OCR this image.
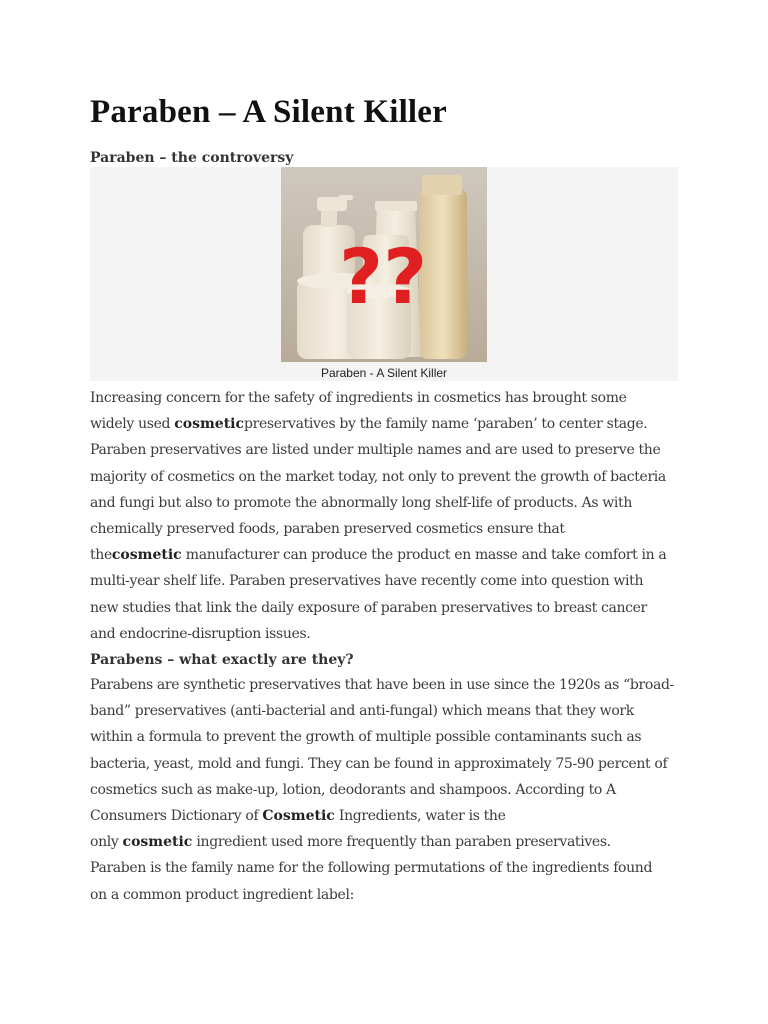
Paraben – A Silent Killer
Paraben – the controversy
??
Paraben - A Silent Killer

Increasing concern for the safety of ingredients in cosmetics has brought some
widely used cosmeticpreservatives by the family name ‘paraben’ to center stage.
Paraben preservatives are listed under multiple names and are used to preserve the
majority of cosmetics on the market today, not only to prevent the growth of bacteria
and fungi but also to promote the abnormally long shelf-life of products. As with
chemically preserved foods, paraben preserved cosmetics ensure that
thecosmetic manufacturer can produce the product en masse and take comfort in a
multi-year shelf life. Paraben preservatives have recently come into question with
new studies that link the daily exposure of paraben preservatives to breast cancer
and endocrine-disruption issues.

Parabens – what exactly are they?

Parabens are synthetic preservatives that have been in use since the 1920s as “broad-
band” preservatives (anti-bacterial and anti-fungal) which means that they work
within a formula to prevent the growth of multiple possible contaminants such as
bacteria, yeast, mold and fungi. They can be found in approximately 75-90 percent of
cosmetics such as make-up, lotion, deodorants and shampoos. According to A
Consumers Dictionary of Cosmetic Ingredients, water is the
only cosmetic ingredient used more frequently than paraben preservatives.
Paraben is the family name for the following permutations of the ingredients found
on a common product ingredient label:
